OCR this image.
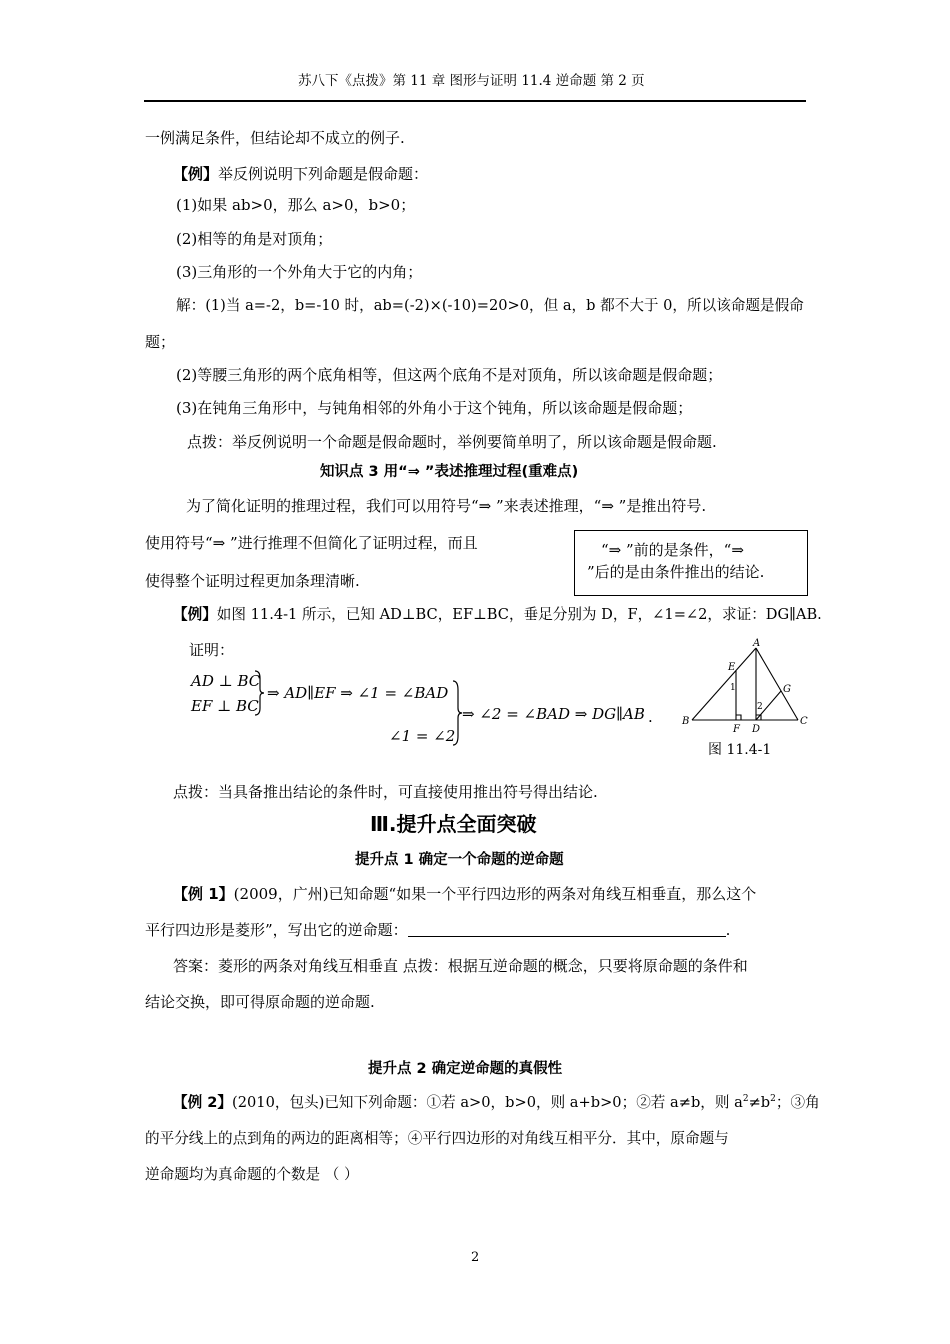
苏八下《点拨》第 11 章 图形与证明 11.4 逆命题 第 2 页
一例满足条件，但结论却不成立的例子.
【例】举反例说明下列命题是假命题：
(1)如果 ab>0，那么 a>0，b>0；
(2)相等的角是对顶角；
(3)三角形的一个外角大于它的内角；
解：(1)当 a=-2，b=-10 时，ab=(-2)×(-10)=20>0，但 a，b 都不大于 0，所以该命题是假命
题；
(2)等腰三角形的两个底角相等，但这两个底角不是对顶角，所以该命题是假命题；
(3)在钝角三角形中，与钝角相邻的外角小于这个钝角，所以该命题是假命题；
点拨：举反例说明一个命题是假命题时，举例要简单明了，所以该命题是假命题.
知识点 3 用“⇒ ”表述推理过程(重难点)
为了简化证明的推理过程，我们可以用符号“⇒ ”来表述推理，“⇒ ”是推出符号.
使用符号“⇒ ”进行推理不但简化了证明过程，而且
使得整个证明过程更加条理清晰.
“⇒ ”前的是条件，“⇒
”后的是由条件推出的结论.
【例】如图 11.4-1 所示，已知 AD⊥BC，EF⊥BC，垂足分别为 D，F，∠1=∠2，求证：DG∥AB.
证明：
AD ⊥ BC
EF ⊥ BC
⇒ AD∥EF ⇒ ∠1 = ∠BAD
∠1 = ∠2
⇒ ∠2 = ∠BAD ⇒ DG∥AB .
A
B	C
D
E
F
G
1
2
图 11.4-1
点拨：当具备推出结论的条件时，可直接使用推出符号得出结论.
Ⅲ.提升点全面突破
提升点 1 确定一个命题的逆命题
【例 1】(2009，广州)已知命题“如果一个平行四边形的两条对角线互相垂直，那么这个
平行四边形是菱形”，写出它的逆命题：	.
答案：菱形的两条对角线互相垂直 点拨：根据互逆命题的概念，只要将原命题的条件和
结论交换，即可得原命题的逆命题.
提升点 2 确定逆命题的真假性
【例 2】(2010，包头)已知下列命题：①若 a>0，b>0，则 a+b>0；②若 a≠b，则 $a^2\ne b^2$；③角
的平分线上的点到角的两边的距离相等；④平行四边形的对角线互相平分．其中，原命题与
逆命题均为真命题的个数是 （ ）
2
